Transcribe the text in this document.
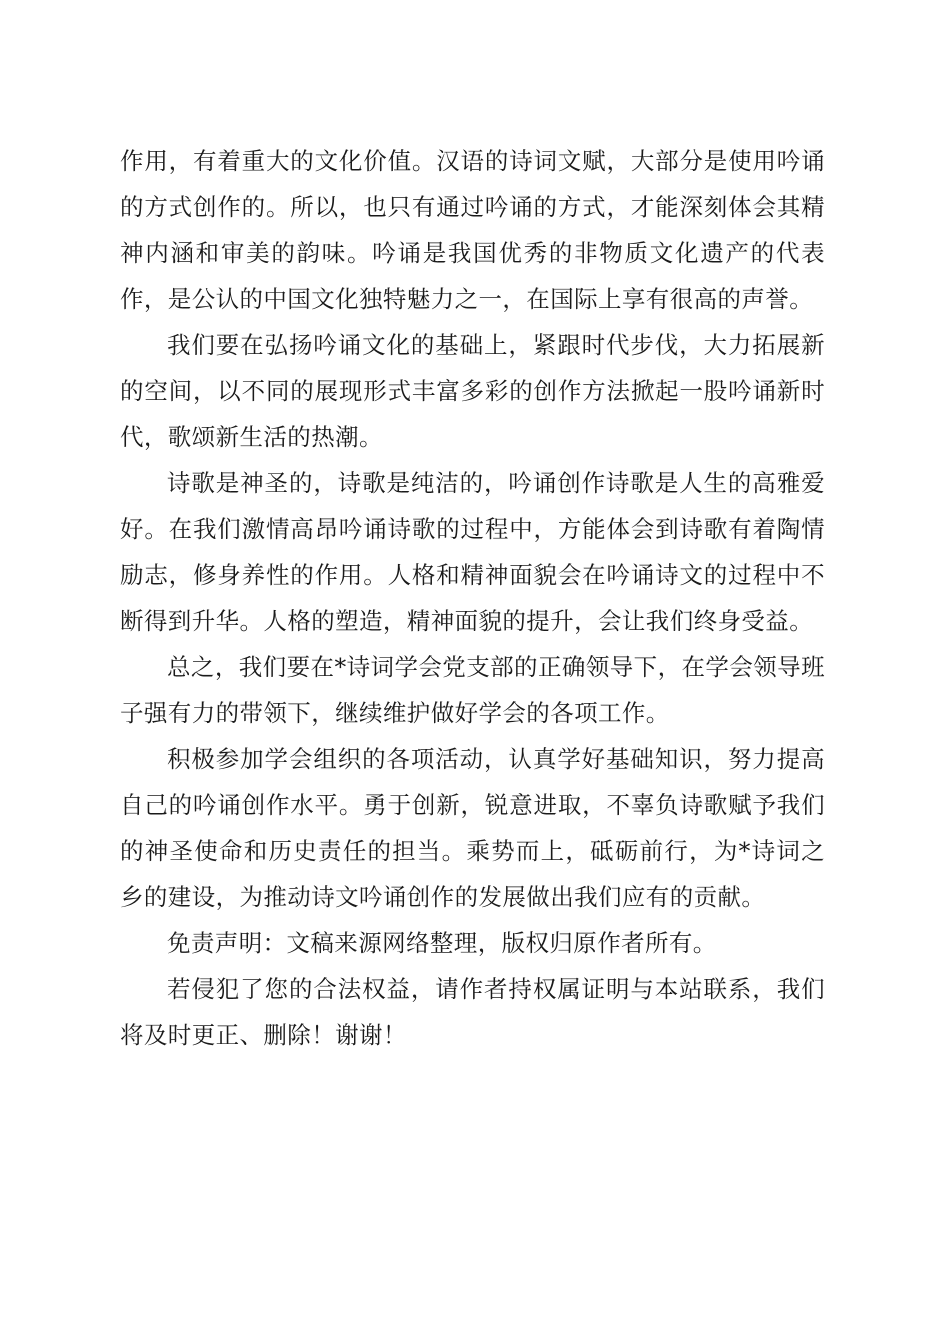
作用，有着重大的文化价值。汉语的诗词文赋，大部分是使用吟诵的方式创作的。所以，也只有通过吟诵的方式，才能深刻体会其精神内涵和审美的韵味。吟诵是我国优秀的非物质文化遗产的代表作，是公认的中国文化独特魅力之一，在国际上享有很高的声誉。

我们要在弘扬吟诵文化的基础上，紧跟时代步伐，大力拓展新的空间，以不同的展现形式丰富多彩的创作方法掀起一股吟诵新时代，歌颂新生活的热潮。

诗歌是神圣的，诗歌是纯洁的，吟诵创作诗歌是人生的高雅爱好。在我们激情高昂吟诵诗歌的过程中，方能体会到诗歌有着陶情励志，修身养性的作用。人格和精神面貌会在吟诵诗文的过程中不断得到升华。人格的塑造，精神面貌的提升，会让我们终身受益。

总之，我们要在*诗词学会党支部的正确领导下，在学会领导班子强有力的带领下，继续维护做好学会的各项工作。

积极参加学会组织的各项活动，认真学好基础知识，努力提高自己的吟诵创作水平。勇于创新，锐意进取，不辜负诗歌赋予我们的神圣使命和历史责任的担当。乘势而上，砥砺前行，为*诗词之乡的建设，为推动诗文吟诵创作的发展做出我们应有的贡献。

免责声明：文稿来源网络整理，版权归原作者所有。

若侵犯了您的合法权益，请作者持权属证明与本站联系，我们将及时更正、删除！谢谢！
